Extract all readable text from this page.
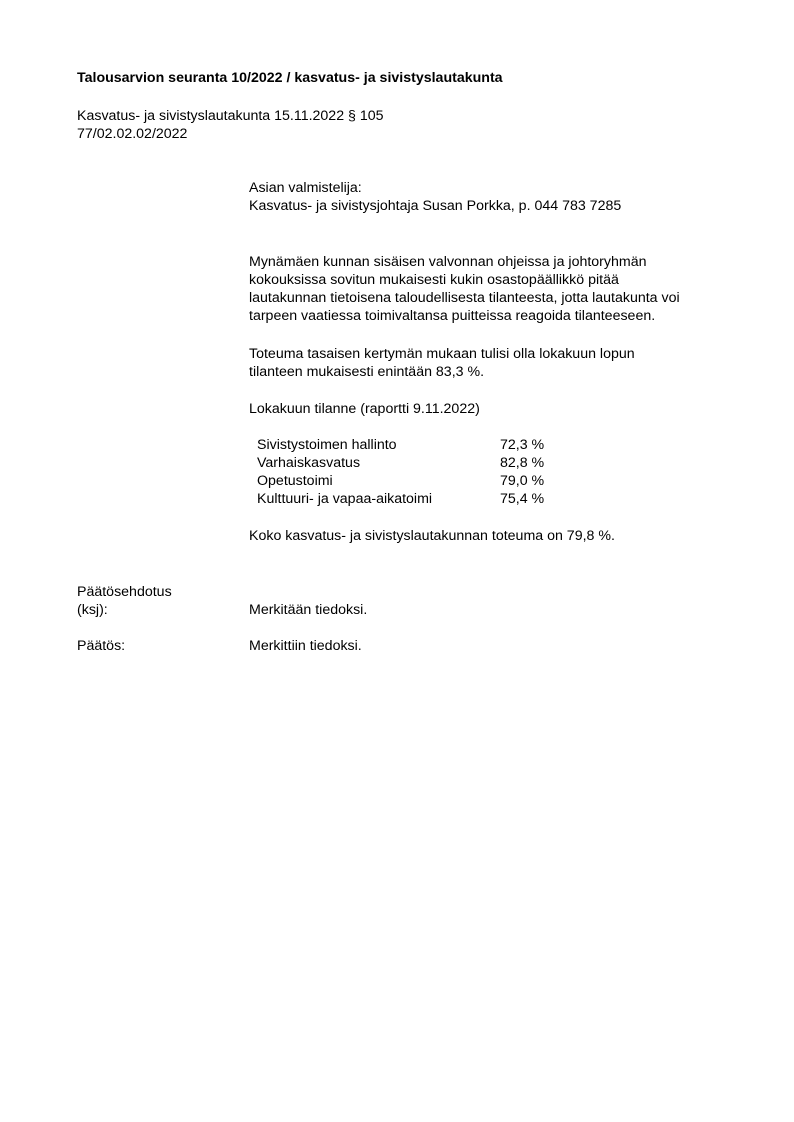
Talousarvion seuranta 10/2022 / kasvatus- ja sivistyslautakunta

Kasvatus- ja sivistyslautakunta 15.11.2022 § 105

77/02.02.02/2022

Asian valmistelija:

Kasvatus- ja sivistysjohtaja Susan Porkka, p. 044 783 7285

Mynämäen kunnan sisäisen valvonnan ohjeissa ja johtoryhmän

kokouksissa sovitun mukaisesti kukin osastopäällikkö pitää

lautakunnan tietoisena taloudellisesta tilanteesta, jotta lautakunta voi

tarpeen vaatiessa toimivaltansa puitteissa reagoida tilanteeseen.

Toteuma tasaisen kertymän mukaan tulisi olla lokakuun lopun

tilanteen mukaisesti enintään 83,3 %.

Lokakuun tilanne (raportti 9.11.2022)
Sivistystoimen hallinto	72,3 %
Varhaiskasvatus	82,8 %
Opetustoimi	79,0 %
Kulttuuri- ja vapaa-aikatoimi	75,4 %
Koko kasvatus- ja sivistyslautakunnan toteuma on 79,8 %.

Päätösehdotus

(ksj):	Merkitään tiedoksi.
Päätös:	Merkittiin tiedoksi.
